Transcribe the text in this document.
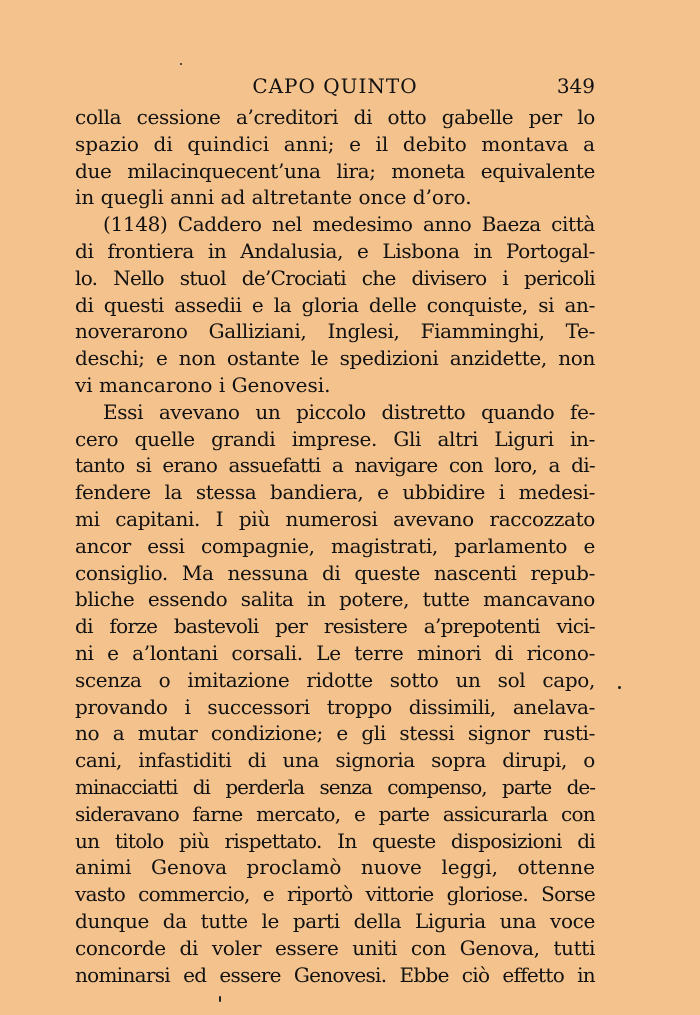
CAPO QUINTO	349
colla cessione a’creditori di otto gabelle per lo
spazio di quindici anni; e il debito montava a
due milacinquecent’una lira; moneta equivalente
in quegli anni ad altretante once d’oro.
(1148) Caddero nel medesimo anno Baeza città
di frontiera in Andalusia, e Lisbona in Portogal-
lo. Nello stuol de’Crociati che divisero i pericoli
di questi assedii e la gloria delle conquiste, si an-
noverarono Galliziani, Inglesi, Fiamminghi, Te-
deschi; e non ostante le spedizioni anzidette, non
vi mancarono i Genovesi.
Essi avevano un piccolo distretto quando fe-
cero quelle grandi imprese. Gli altri Liguri in-
tanto si erano assuefatti a navigare con loro, a di-
fendere la stessa bandiera, e ubbidire i medesi-
mi capitani. I più numerosi avevano raccozzato
ancor essi compagnie, magistrati, parlamento e
consiglio. Ma nessuna di queste nascenti repub-
bliche essendo salita in potere, tutte mancavano
di forze bastevoli per resistere a’prepotenti vici-
ni e a’lontani corsali. Le terre minori di ricono-
scenza o imitazione ridotte sotto un sol capo,
provando i successori troppo dissimili, anelava-
no a mutar condizione; e gli stessi signor rusti-
cani, infastiditi di una signoria sopra dirupi, o
minacciatti di perderla senza compenso, parte de-
sideravano farne mercato, e parte assicurarla con
un titolo più rispettato. In queste disposizioni di
animi Genova proclamò nuove leggi, ottenne
vasto commercio, e riportò vittorie gloriose. Sorse
dunque da tutte le parti della Liguria una voce
concorde di voler essere uniti con Genova, tutti
nominarsi ed essere Genovesi. Ebbe ciò effetto in
